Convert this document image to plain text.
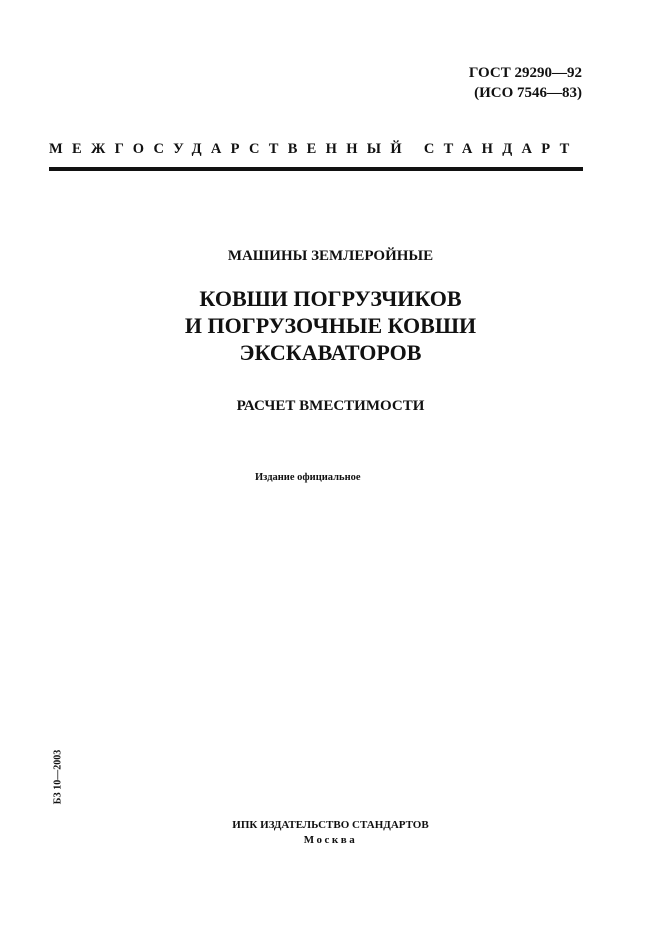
ГОСТ 29290—92
(ИСО 7546—83)
МЕЖГОСУДАРСТВЕННЫЙ СТАНДАРТ
МАШИНЫ ЗЕМЛЕРОЙНЫЕ
КОВШИ ПОГРУЗЧИКОВ
И ПОГРУЗОЧНЫЕ КОВШИ
ЭКСКАВАТОРОВ
РАСЧЕТ ВМЕСТИМОСТИ
Издание официальное
БЗ 10—2003
ИПК ИЗДАТЕЛЬСТВО СТАНДАРТОВ
Москва
